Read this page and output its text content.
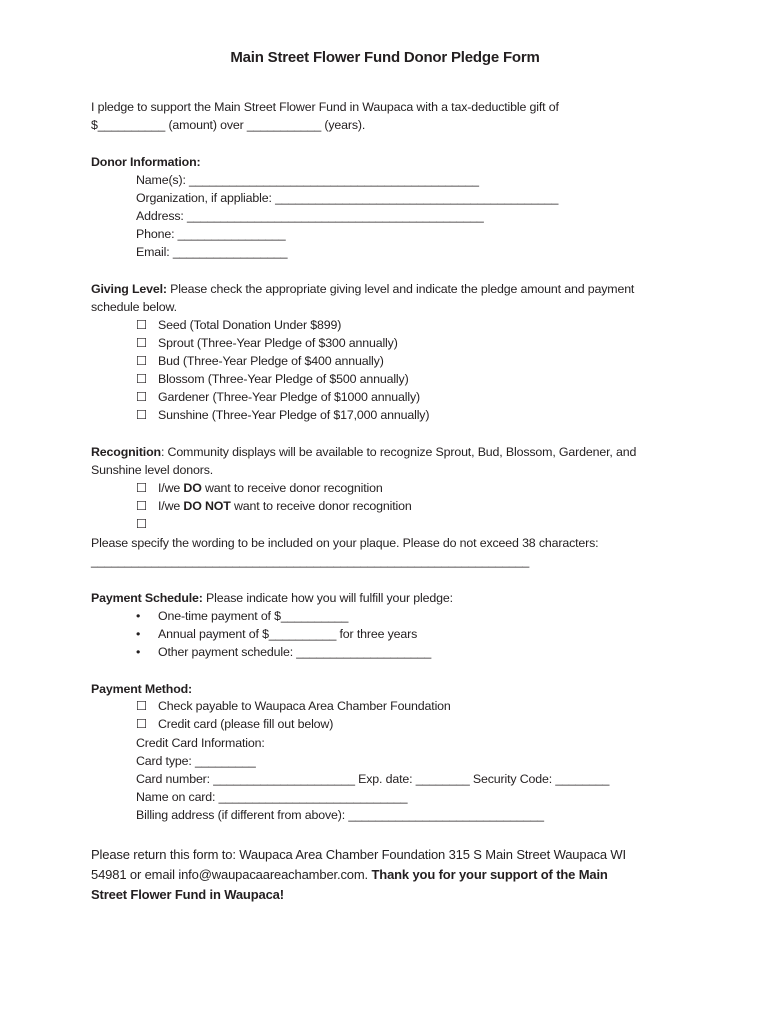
Main Street Flower Fund Donor Pledge Form
I pledge to support the Main Street Flower Fund in Waupaca with a tax-deductible gift of
$__________ (amount) over ___________ (years).
Donor Information:
Name(s): ___________________________________________
Organization, if appliable: __________________________________________
Address: ____________________________________________
Phone: ________________
Email: _________________
Giving Level: Please check the appropriate giving level and indicate the pledge amount and payment
schedule below.
☐ Seed (Total Donation Under $899)
☐ Sprout (Three-Year Pledge of $300 annually)
☐ Bud (Three-Year Pledge of $400 annually)
☐ Blossom (Three-Year Pledge of $500 annually)
☐ Gardener (Three-Year Pledge of $1000 annually)
☐ Sunshine (Three-Year Pledge of $17,000 annually)
Recognition: Community displays will be available to recognize Sprout, Bud, Blossom, Gardener, and
Sunshine level donors.
☐ I/we DO want to receive donor recognition
☐ I/we DO NOT want to receive donor recognition
☐
Please specify the wording to be included on your plaque. Please do not exceed 38 characters:
_________________________________________________________________
Payment Schedule: Please indicate how you will fulfill your pledge:
• One-time payment of $__________
• Annual payment of $__________ for three years
• Other payment schedule: ____________________
Payment Method:
☐ Check payable to Waupaca Area Chamber Foundation
☐ Credit card (please fill out below)
Credit Card Information:
Card type: _________
Card number: _____________________ Exp. date: ________ Security Code: ________
Name on card: ____________________________
Billing address (if different from above): _____________________________
Please return this form to: Waupaca Area Chamber Foundation 315 S Main Street Waupaca WI
54981 or email info@waupacaareachamber.com. Thank you for your support of the Main
Street Flower Fund in Waupaca!
